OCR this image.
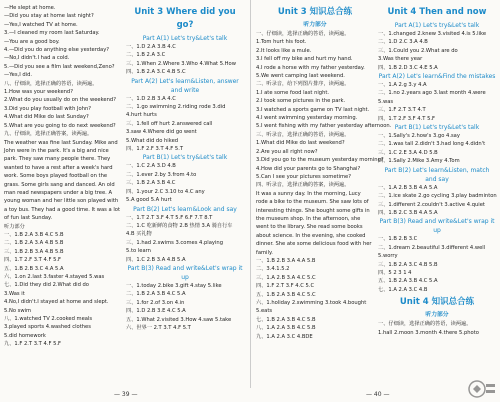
—He slept at home.
—Did you stay at home last night?
—Yes,I watched TV at home.
3.—I cleaned my room last Saturday.
—You are a good boy.
4.—Did you do anything else yesterday?
—No,I didn't.I had a cold.
5.—Did you see a film last weekend,Zeno?
—Yes,I did.
八、仔细读，选择正确的答语，读两遍。
1.How was your weekend?
2.What do you usually do on the weekend?
3.Did you play football with John?
4.What did Mike do last Sunday?
5.What are you going to do next weekend?
九、仔细读，选择正确答案，读两遍。
The weather was fine last Sunday. Mike and John were in the park. It's a big and nice park. They saw many people there. They wanted to have a rest after a week's hard work. Some boys played football on the grass. Some girls sang and danced. An old man read newspapers under a big tree. A young woman and her little son played with a toy bus. They had a good time. It was a lot of fun last Sunday.
听力部分
一、1.B 2.A 3.B 4.C 5.B
二、1.B 2.A 3.A 4.B 5.B
三、1.B 2.B 3.A 4.B 5.B
四、1.T 2.F 3.T 4.F 5.F
五、1.B 2.B 3.C 4.A 5.A
六、1.on 2.last 3.faster 4.stayed 5.was
七、1.Did they did 2.What did do
3.Was it
4.No,I didn't.I stayed at home and slept.
5.No swim
八、1.watched TV 2.cooked meals
3.played sports 4.washed clothes
5.did homework
九、1.F 2.T 3.T 4.F 5.F
Unit 3 Where did you go?
Part A(1) Let's try&Let's talk
一、1.D 2.A 3.B 4.C
二、1.B 2.A 3.C
三、1.When 2.Where 3.Who 4.What 5.How
四、1.B 2.A 3.C 4.B 5.C
Part A(2) Let's learn&Listen, answer and write
一、1.D 2.B 3.A 4.C
二、1.go swimming 2.riding rode 3.did
4.hurt hurts
三、1.fell off hurt 2.answered call
3.saw 4.Where did go went
5.What did do hiked
四、1.F 2.F 3.T 4.F 5.T
Part B(1) Let's try&Let's talk
一、1.C 2.A 3.D 4.B
二、1.ever 2.by 3.from 4.to
三、1.B 2.A 3.B 4.C
四、1.your 2.C 3.10 to 4.C any
5.A good 5.A hurt
Part B(2) Let's learn&Look and say
一、1.T 2.T 3.F 4.T 5.F 6.F 7.T 8.T
二、1.C 吃新鲜的食物 2.B 热情 3.A 骑自行车
4.B 买礼物
三、1.had 2.swims 3.comes 4.playing
5.to learn
四、1.C 2.B 3.A 4.B 5.A
Part B(3) Read and write&Let's wrap it up
一、1.today 2.bike 3.gift 4.stay 5.like
二、1.B 2.A 3.B 4.C 5.A
三、1.for 2.of 3.on 4.in
四、1.D 2.B 3.E 4.C 5.A
五、1.What 2.visited 3.How 4.saw 5.take
六、世界一 2.T 3.T 4.F 5.T
Unit 3 知识总合练
听力部分
一、仔细读，选择正确的答语，读两遍。
1.Tom hurt his foot.
2.It looks like a mule.
3.I fell off my bike and hurt my hand.
4.I rode a horse with my father yesterday.
5.We went camping last weekend.
二、听录音，给下列图片排序，读两遍。
1.I ate some food last night.
2.I took some pictures in the park.
3.I watched a sports game on TV last night.
4.I went swimming yesterday morning.
5.I went fishing with my father yesterday afternoon.
三、听录音，选择正确的答语，读两遍。
1.What did Mike do last weekend?
2.Are you all right now?
3.Did you go to the museum yesterday morning?
4.How did your parents go to Shanghai?
5.Can I see your pictures sometime?
四、听录音，选择正确的答案，读两遍。
It was a sunny day. In the morning, Lucy rode a bike to the museum. She saw lots of interesting things. She bought some gifts in the museum shop. In the afternoon, she went to the library. She read some books about science. In the evening, she cooked dinner. She ate some delicious food with her family.
一、1.B 2.B 3.A 4.A 5.B
二、3.4.1.5.2
三、1.A 2.B 3.A 4.C 5.C
四、1.F 2.T 3.F 4.C 5.C
五、1.B 2.A 3.B 4.C 5.C
六、1.holiday 2.swimming 3.took 4.bought
5.eats
七、1.B 2.A 3.B 4.C 5.B
八、1.A 2.A 3.B 4.C 5.B
九、1.A 2.A 3.C 4.BDE
Unit 4 Then and now
Part A(1) Let's try&Let's talk
一、1.changed 2.knew 3.visited 4.is 5.like
二、1.D 2.C 3.A 4.B
三、1.Could you 2.What are do
3.Was there year
四、1.B 2.D 3.C 4.E 5.A
Part A(2) Let's learn&Find the mistakes
一、1.A 2.g 3.y 4.A
二、1.no 2.years ago 3.last month 4.were
5.was
三、1.F 2.T 3.T 4.T
四、1.T 2.F 3.F 4.T 5.F
Part B(1) Let's try&Let's talk
一、1.Sally's 2.how's 3.go 4.say
二、1.was tall 2.didn't 3.had long 4.didn't
三、1.C 2.E 3.A 4.D 5.B
四、1.Sally 2.Mike 3.Amy 4.Tom
Part B(2) Let's learn&Listen, match and say
一、1.A 2.B 3.B 4.A 5.A
二、1.ice skate 2.go cycling 3.play badminton
三、1.different 2.couldn't 3.active 4.quiet
四、1.B 2.C 3.B 4.A 5.A
Part B(3) Read and write&Let's wrap it up
一、1.B 2.B 3.C
二、1.dream 2.beautiful 3.different 4.well
5.worry
三、1.B 2.A 3.C 4.B 5.B
四、5 2 3 1 4
五、1.B 2.A 3.B 4.C 5.A
七、1.A 2.A 3.C 4.B
Unit 4 知识总合练
听力部分
一、仔细读，选择正确的答语，读两遍。
1.hall 2.moon 3.month 4.there 5.photo
— 39 —	— 40 —
